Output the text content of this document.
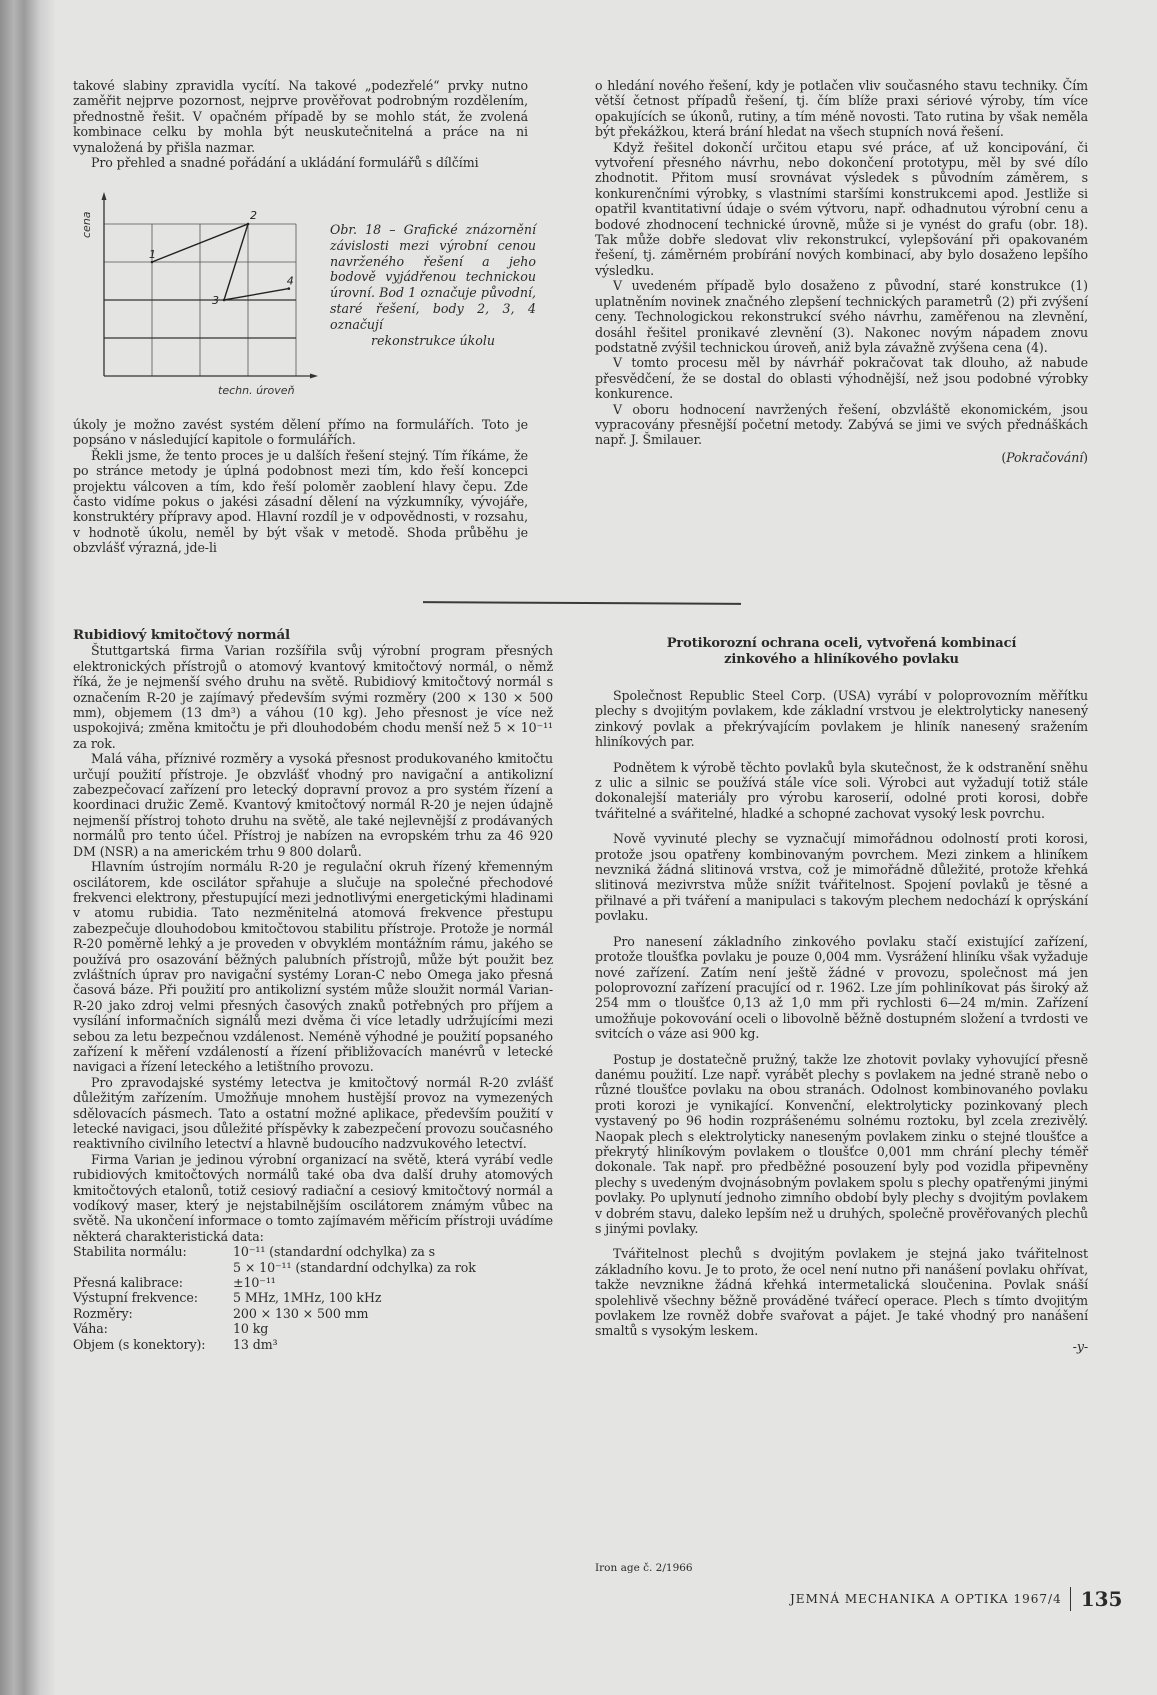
takové slabiny zpravidla vycítí. Na takové „podezřelé“ prvky nutno zaměřit nejprve pozornost, nejprve prověřovat podrobným rozdělením, přednostně řešit. V opačném případě by se mohlo stát, že zvolená kombinace celku by mohla být neuskutečnitelná a práce na ni vynaložená by přišla nazmar.

Pro přehled a snadné pořádání a ukládání formulářů s dílčími

1
2
3
4
cena
techn. úroveň
Obr. 18 – Grafické znázornění závislosti mezi výrobní cenou navrženého řešení a jeho bodově vyjádřenou technickou úrovní. Bod 1 označuje původní, staré řešení, body 2, 3, 4 označují
rekonstrukce úkolu

úkoly je možno zavést systém dělení přímo na formulářích. Toto je popsáno v následující kapitole o formulářích.

Řekli jsme, že tento proces je u dalších řešení stejný. Tím říkáme, že po stránce metody je úplná podobnost mezi tím, kdo řeší koncepci projektu válcoven a tím, kdo řeší poloměr zaoblení hlavy čepu. Zde často vidíme pokus o jakési zásadní dělení na výzkumníky, vývojáře, konstruktéry přípravy apod. Hlavní rozdíl je v odpovědnosti, v rozsahu, v hodnotě úkolu, neměl by být však v metodě. Shoda průběhu je obzvlášť výrazná, jde-li

o hledání nového řešení, kdy je potlačen vliv současného stavu techniky. Čím větší četnost případů řešení, tj. čím blíže praxi sériové výroby, tím více opakujících se úkonů, rutiny, a tím méně novosti. Tato rutina by však neměla být překážkou, která brání hledat na všech stupních nová řešení.

Když řešitel dokončí určitou etapu své práce, ať už koncipování, či vytvoření přesného návrhu, nebo dokončení prototypu, měl by své dílo zhodnotit. Přitom musí srovnávat výsledek s původním záměrem, s konkurenčními výrobky, s vlastními staršími konstrukcemi apod. Jestliže si opatřil kvantitativní údaje o svém výtvoru, např. odhadnutou výrobní cenu a bodové zhodnocení technické úrovně, může si je vynést do grafu (obr. 18). Tak může dobře sledovat vliv rekonstrukcí, vylepšování při opakovaném řešení, tj. záměrném probírání nových kombinací, aby bylo dosaženo lepšího výsledku.

V uvedeném případě bylo dosaženo z původní, staré konstrukce (1) uplatněním novinek značného zlepšení technických parametrů (2) při zvýšení ceny. Technologickou rekonstrukcí svého návrhu, zaměřenou na zlevnění, dosáhl řešitel pronikavé zlevnění (3). Nakonec novým nápadem znovu podstatně zvýšil technickou úroveň, aniž byla závažně zvýšena cena (4).

V tomto procesu měl by návrhář pokračovat tak dlouho, až nabude přesvědčení, že se dostal do oblasti výhodnější, než jsou podobné výrobky konkurence.

V oboru hodnocení navržených řešení, obzvláště ekonomickém, jsou vypracovány přesnější početní metody. Zabývá se jimi ve svých přednáškách např. J. Šmilauer.

(Pokračování)

Rubidiový kmitočtový normál

Štuttgartská firma Varian rozšířila svůj výrobní program přesných elektronických přístrojů o atomový kvantový kmitočtový normál, o němž říká, že je nejmenší svého druhu na světě. Rubidiový kmitočtový normál s označením R-20 je zajímavý především svými rozměry (200 × 130 × 500 mm), objemem (13 dm³) a váhou (10 kg). Jeho přesnost je více než uspokojivá; změna kmitočtu je při dlouhodobém chodu menší než 5 × 10⁻¹¹ za rok.

Malá váha, příznivé rozměry a vysoká přesnost produkovaného kmitočtu určují použití přístroje. Je obzvlášť vhodný pro navigační a antikolizní zabezpečovací zařízení pro letecký dopravní provoz a pro systém řízení a koordinaci družic Země. Kvantový kmitočtový normál R-20 je nejen údajně nejmenší přístroj tohoto druhu na světě, ale také nejlevnější z prodávaných normálů pro tento účel. Přístroj je nabízen na evropském trhu za 46 920 DM (NSR) a na americkém trhu 9 800 dolarů.

Hlavním ústrojím normálu R-20 je regulační okruh řízený křemenným oscilátorem, kde oscilátor spřahuje a slučuje na společné přechodové frekvenci elektrony, přestupující mezi jednotlivými energetickými hladinami v atomu rubidia. Tato nezměnitelná atomová frekvence přestupu zabezpečuje dlouhodobou kmitočtovou stabilitu přístroje. Protože je normál R-20 poměrně lehký a je proveden v obvyklém montážním rámu, jakého se používá pro osazování běžných palubních přístrojů, může být použit bez zvláštních úprav pro navigační systémy Loran-C nebo Omega jako přesná časová báze. Při použití pro antikolizní systém může sloužit normál Varian-R-20 jako zdroj velmi přesných časových znaků potřebných pro příjem a vysílání informačních signálů mezi dvěma či více letadly udržujícími mezi sebou za letu bezpečnou vzdálenost. Neméně výhodné je použití popsaného zařízení k měření vzdáleností a řízení přibližovacích manévrů v letecké navigaci a řízení leteckého a letištního provozu.

Pro zpravodajské systémy letectva je kmitočtový normál R-20 zvlášť důležitým zařízením. Umožňuje mnohem hustější provoz na vymezených sdělovacích pásmech. Tato a ostatní možné aplikace, především použití v letecké navigaci, jsou důležité příspěvky k zabezpečení provozu současného reaktivního civilního letectví a hlavně budoucího nadzvukového letectví.

Firma Varian je jedinou výrobní organizací na světě, která vyrábí vedle rubidiových kmitočtových normálů také oba dva další druhy atomových kmitočtových etalonů, totiž cesiový radiační a cesiový kmitočtový normál a vodíkový maser, který je nejstabilnějším oscilátorem známým vůbec na světě. Na ukončení informace o tomto zajímavém měřicím přístroji uvádíme některá charakteristická data:

Stabilita normálu:	10⁻¹¹ (standardní odchylka) za s
5 × 10⁻¹¹ (standardní odchylka) za rok
Přesná kalibrace:	±10⁻¹¹
Výstupní frekvence:	5 MHz, 1MHz, 100 kHz
Rozměry:	200 × 130 × 500 mm
Váha:	10 kg
Objem (s konektory):	13 dm³
Protikorozní ochrana oceli, vytvořená kombinací
zinkového a hliníkového povlaku

Společnost Republic Steel Corp. (USA) vyrábí v poloprovozním měřítku plechy s dvojitým povlakem, kde základní vrstvou je elektrolyticky nanesený zinkový povlak a překrývajícím povlakem je hliník nanesený sražením hliníkových par.

Podnětem k výrobě těchto povlaků byla skutečnost, že k odstranění sněhu z ulic a silnic se používá stále více soli. Výrobci aut vyžadují totiž stále dokonalejší materiály pro výrobu karoserií, odolné proti korosi, dobře tvářitelné a svářitelné, hladké a schopné zachovat vysoký lesk povrchu.

Nově vyvinuté plechy se vyznačují mimořádnou odolností proti korosi, protože jsou opatřeny kombinovaným povrchem. Mezi zinkem a hliníkem nevzniká žádná slitinová vrstva, což je mimořádně důležité, protože křehká slitinová mezivrstva může snížit tvářitelnost. Spojení povlaků je těsné a přilnavé a při tváření a manipulaci s takovým plechem nedochází k oprýskání povlaku.

Pro nanesení základního zinkového povlaku stačí existující zařízení, protože tloušťka povlaku je pouze 0,004 mm. Vysrážení hliníku však vyžaduje nové zařízení. Zatím není ještě žádné v provozu, společnost má jen poloprovozní zařízení pracující od r. 1962. Lze jím pohliníkovat pás široký až 254 mm o tloušťce 0,13 až 1,0 mm při rychlosti 6—24 m/min. Zařízení umožňuje pokovování oceli o libovolně běžně dostupném složení a tvrdosti ve svitcích o váze asi 900 kg.

Postup je dostatečně pružný, takže lze zhotovit povlaky vyhovující přesně danému použití. Lze např. vyrábět plechy s povlakem na jedné straně nebo o různé tloušťce povlaku na obou stranách. Odolnost kombinovaného povlaku proti korozi je vynikající. Konvenční, elektrolyticky pozinkovaný plech vystavený po 96 hodin rozprášenému solnému roztoku, byl zcela zrezivělý. Naopak plech s elektrolyticky naneseným povlakem zinku o stejné tloušťce a překrytý hliníkovým povlakem o tloušťce 0,001 mm chrání plechy téměř dokonale. Tak např. pro předběžné posouzení byly pod vozidla připevněny plechy s uvedeným dvojnásobným povlakem spolu s plechy opatřenými jinými povlaky. Po uplynutí jednoho zimního období byly plechy s dvojitým povlakem v dobrém stavu, daleko lepším než u druhých, společně prověřovaných plechů s jinými povlaky.

Tvářitelnost plechů s dvojitým povlakem je stejná jako tvářitelnost základního kovu. Je to proto, že ocel není nutno při nanášení povlaku ohřívat, takže nevznikne žádná křehká intermetalická sloučenina. Povlak snáší spolehlivě všechny běžně prováděné tvářecí operace. Plech s tímto dvojitým povlakem lze rovněž dobře svařovat a pájet. Je také vhodný pro nanášení smaltů s vysokým leskem.

-y-
Iron age č. 2/1966
JEMNÁ MECHANIKA A OPTIKA 1967/4 135
